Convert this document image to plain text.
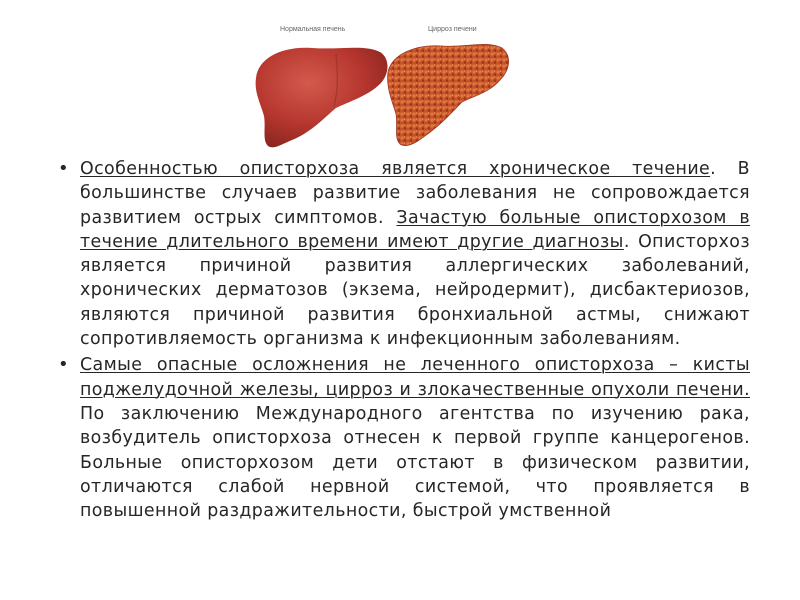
Нормальная печень	Цирроз печени
• Особенностью описторхоза является хроническое течение. В большинстве случаев развитие заболевания не сопровождается развитием острых симптомов. Зачастую больные описторхозом в течение длительного времени имеют другие диагнозы. Описторхоз является причиной развития аллергических заболеваний, хронических дерматозов (экзема, нейродермит), дисбактериозов, являются причиной развития бронхиальной астмы, снижают сопротивляемость организма к инфекционным заболеваниям.
• Самые опасные осложнения не леченного описторхоза – кисты поджелудочной железы, цирроз и злокачественные опухоли печени. По заключению Международного агентства по изучению рака, возбудитель описторхоза отнесен к первой группе канцерогенов. Больные описторхозом дети отстают в физическом развитии, отличаются слабой нервной системой, что проявляется в повышенной раздражительности, быстрой умственной
